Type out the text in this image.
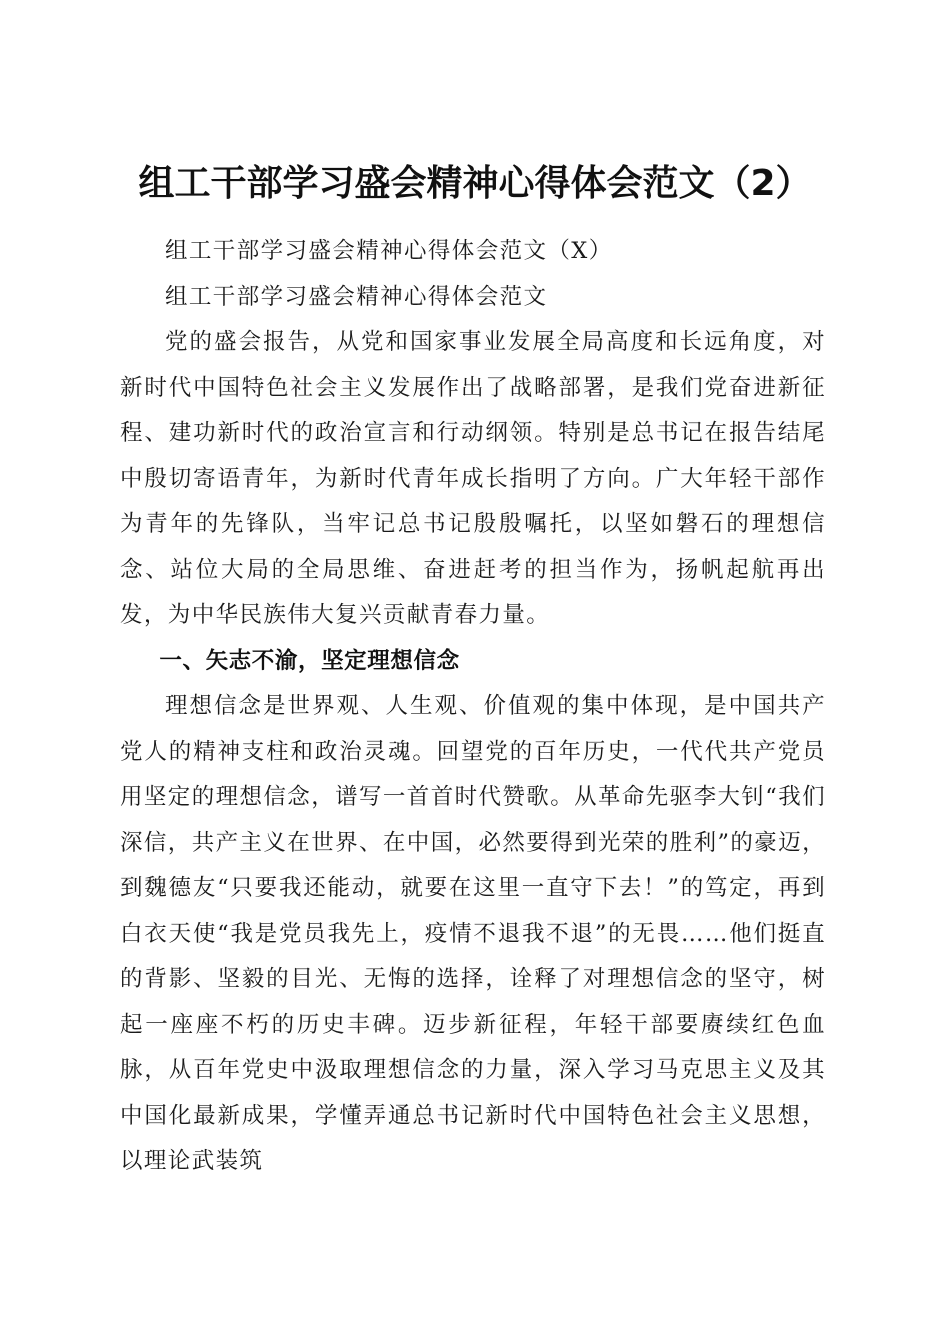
组工干部学习盛会精神心得体会范文（2）

组工干部学习盛会精神心得体会范文（X）

组工干部学习盛会精神心得体会范文

党的盛会报告，从党和国家事业发展全局高度和长远角度，对新时代中国特色社会主义发展作出了战略部署，是我们党奋进新征程、建功新时代的政治宣言和行动纲领。特别是总书记在报告结尾中殷切寄语青年，为新时代青年成长指明了方向。广大年轻干部作为青年的先锋队，当牢记总书记殷殷嘱托，以坚如磐石的理想信念、站位大局的全局思维、奋进赶考的担当作为，扬帆起航再出发，为中华民族伟大复兴贡献青春力量。

一、矢志不渝，坚定理想信念

理想信念是世界观、人生观、价值观的集中体现，是中国共产党人的精神支柱和政治灵魂。回望党的百年历史，一代代共产党员用坚定的理想信念，谱写一首首时代赞歌。从革命先驱李大钊“我们深信，共产主义在世界、在中国，必然要得到光荣的胜利”的豪迈，到魏德友“只要我还能动，就要在这里一直守下去！”的笃定，再到白衣天使“我是党员我先上，疫情不退我不退”的无畏……他们挺直的背影、坚毅的目光、无悔的选择，诠释了对理想信念的坚守，树起一座座不朽的历史丰碑。迈步新征程，年轻干部要赓续红色血脉，从百年党史中汲取理想信念的力量，深入学习马克思主义及其中国化最新成果，学懂弄通总书记新时代中国特色社会主义思想，以理论武装筑
